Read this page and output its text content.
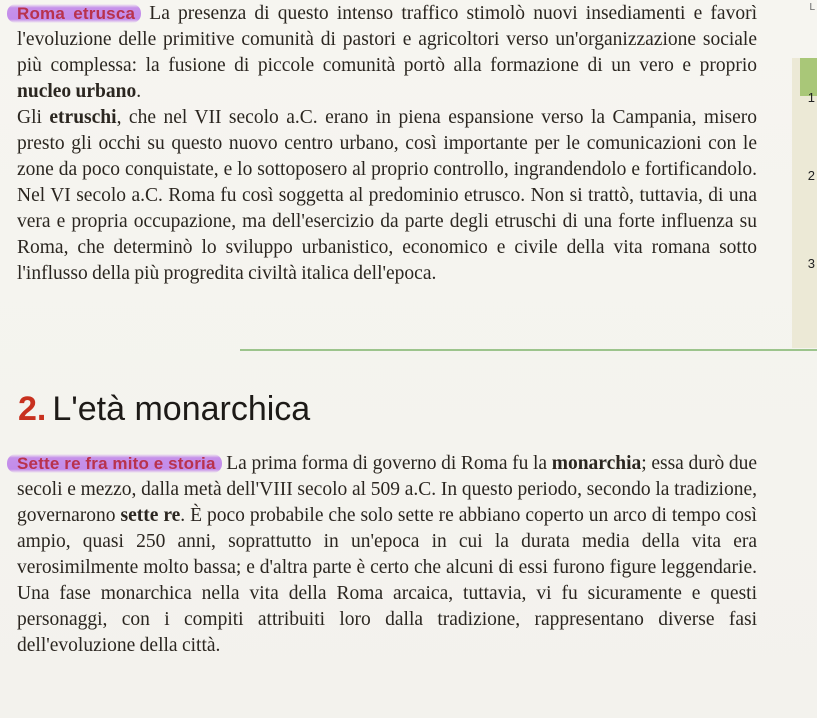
L
1
2
3

Roma etrusca La presenza di questo intenso traffico stimolò nuovi insediamenti e favorì l'evoluzione delle primitive comunità di pastori e agricoltori verso un'organizzazione sociale più complessa: la fusione di piccole comunità portò alla formazione di un vero e proprio nucleo urbano.

Gli etruschi, che nel VII secolo a.C. erano in piena espansione verso la Campania, misero presto gli occhi su questo nuovo centro urbano, così importante per le comunicazioni con le zone da poco conquistate, e lo sottoposero al proprio controllo, ingrandendolo e fortificandolo. Nel VI secolo a.C. Roma fu così soggetta al predominio etrusco. Non si trattò, tuttavia, di una vera e propria occupazione, ma dell'esercizio da parte degli etruschi di una forte influenza su Roma, che determinò lo sviluppo urbanistico, economico e civile della vita romana sotto l'influsso della più progredita civiltà italica dell'epoca.

2. L'età monarchica

Sette re fra mito e storia La prima forma di governo di Roma fu la monarchia; essa durò due secoli e mezzo, dalla metà dell'VIII secolo al 509 a.C. In questo periodo, secondo la tradizione, governarono sette re. È poco probabile che solo sette re abbiano coperto un arco di tempo così ampio, quasi 250 anni, soprattutto in un'epoca in cui la durata media della vita era verosimilmente molto bassa; e d'altra parte è certo che alcuni di essi furono figure leggendarie. Una fase monarchica nella vita della Roma arcaica, tuttavia, vi fu sicuramente e questi personaggi, con i compiti attribuiti loro dalla tradizione, rappresentano diverse fasi dell'evoluzione della città.
